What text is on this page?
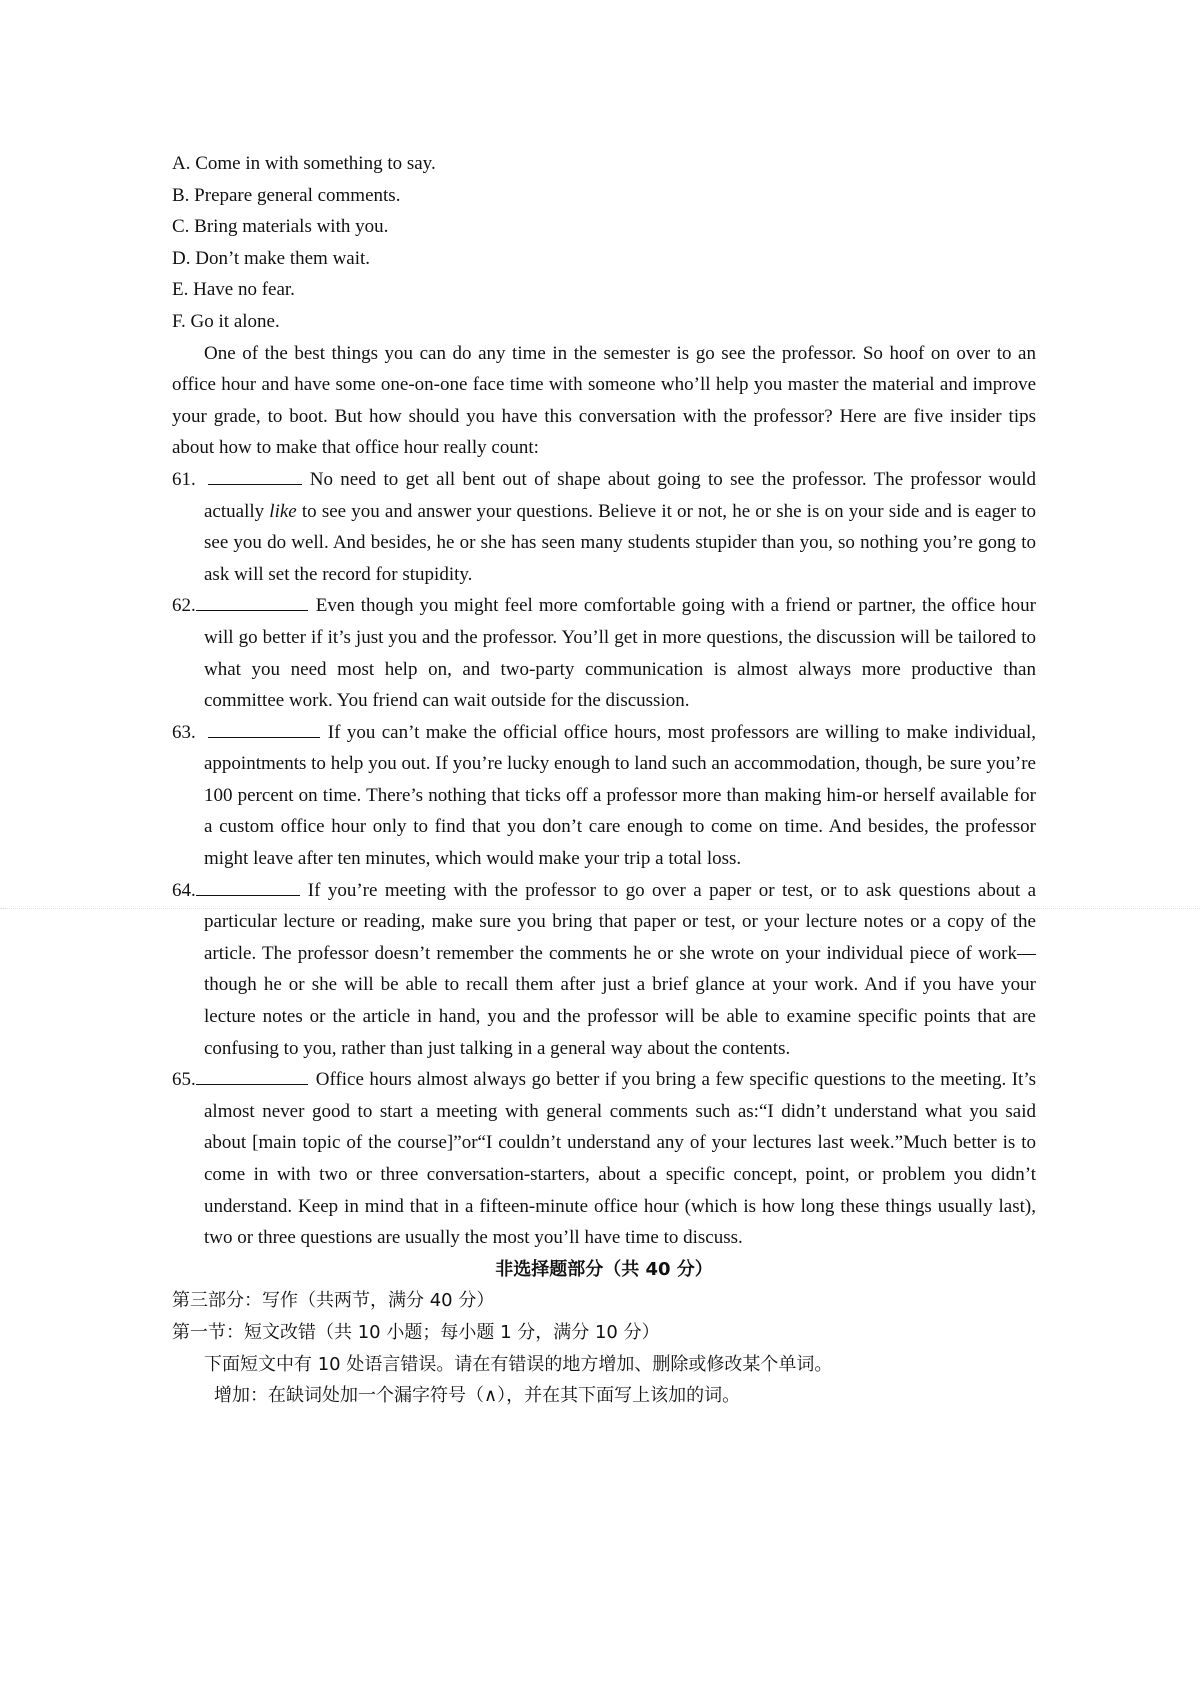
A. Come in with something to say.

B. Prepare general comments.

C. Bring materials with you.

D. Don’t make them wait.

E. Have no fear.

F. Go it alone.

One of the best things you can do any time in the semester is go see the professor. So hoof on over to an office hour and have some one-on-one face time with someone who’ll help you master the material and improve your grade, to boot. But how should you have this conversation with the professor? Here are five insider tips about how to make that office hour really count:

61.	No need to get all bent out of shape about going to see the professor. The professor would actually like to see you and answer your questions. Believe it or not, he or she is on your side and is eager to see you do well. And besides, he or she has seen many students stupider than you, so nothing you’re gong to ask will set the record for stupidity.

62.	Even though you might feel more comfortable going with a friend or partner, the office hour will go better if it’s just you and the professor. You’ll get in more questions, the discussion will be tailored to what you need most help on, and two-party communication is almost always more productive than committee work. You friend can wait outside for the discussion.

63.	If you can’t make the official office hours, most professors are willing to make individual, appointments to help you out. If you’re lucky enough to land such an accommodation, though, be sure you’re 100 percent on time. There’s nothing that ticks off a professor more than making him-or herself available for a custom office hour only to find that you don’t care enough to come on time. And besides, the professor might leave after ten minutes, which would make your trip a total loss.

64.	If you’re meeting with the professor to go over a paper or test, or to ask questions about a particular lecture or reading, make sure you bring that paper or test, or your lecture notes or a copy of the article. The professor doesn’t remember the comments he or she wrote on your individual piece of work—though he or she will be able to recall them after just a brief glance at your work. And if you have your lecture notes or the article in hand, you and the professor will be able to examine specific points that are confusing to you, rather than just talking in a general way about the contents.

65.	Office hours almost always go better if you bring a few specific questions to the meeting. It’s almost never good to start a meeting with general comments such as:“I didn’t understand what you said about [main topic of the course]”or“I couldn’t understand any of your lectures last week.”Much better is to come in with two or three conversation-starters, about a specific concept, point, or problem you didn’t understand. Keep in mind that in a fifteen-minute office hour (which is how long these things usually last), two or three questions are usually the most you’ll have time to discuss.

非选择题部分（共 40 分）

第三部分：写作（共两节，满分 40 分）

第一节：短文改错（共 10 小题；每小题 1 分，满分 10 分）

下面短文中有 10 处语言错误。请在有错误的地方增加、删除或修改某个单词。

增加：在缺词处加一个漏字符号（∧），并在其下面写上该加的词。
